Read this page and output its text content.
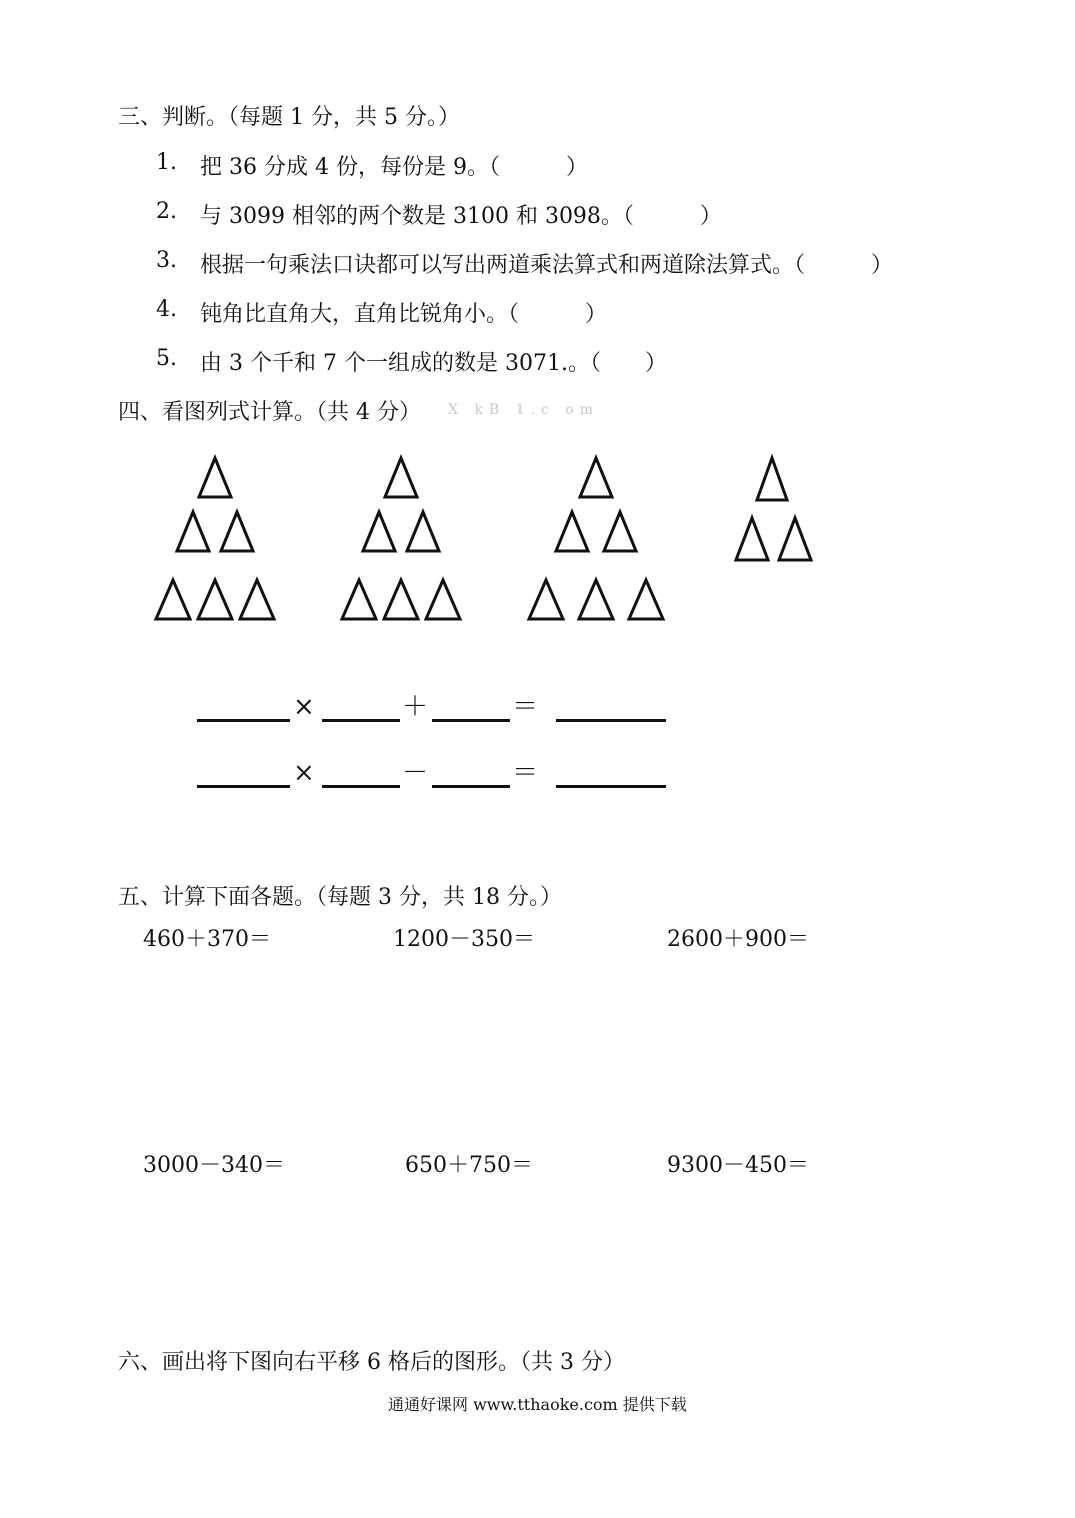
三、判断。（每题 1 分，共 5 分。）
1. 把 36 分成 4 份，每份是 9。（　　　）
2. 与 3099 相邻的两个数是 3100 和 3098。（　　　）
3. 根据一句乘法口诀都可以写出两道乘法算式和两道除法算式。（　　　）
4. 钝角比直角大，直角比锐角小。（　　　）
5. 由 3 个千和 7 个一组成的数是 3071.。（　　）
四、看图列式计算。（共 4 分） X kB 1.c om
×	＋	＝
×	－	＝
五、计算下面各题。（每题 3 分，共 18 分。）
460＋370＝	1200－350＝	2600＋900＝
3000－340＝	650＋750＝	9300－450＝
六、画出将下图向右平移 6 格后的图形。（共 3 分）
通通好课网 www.tthaoke.com 提供下载
